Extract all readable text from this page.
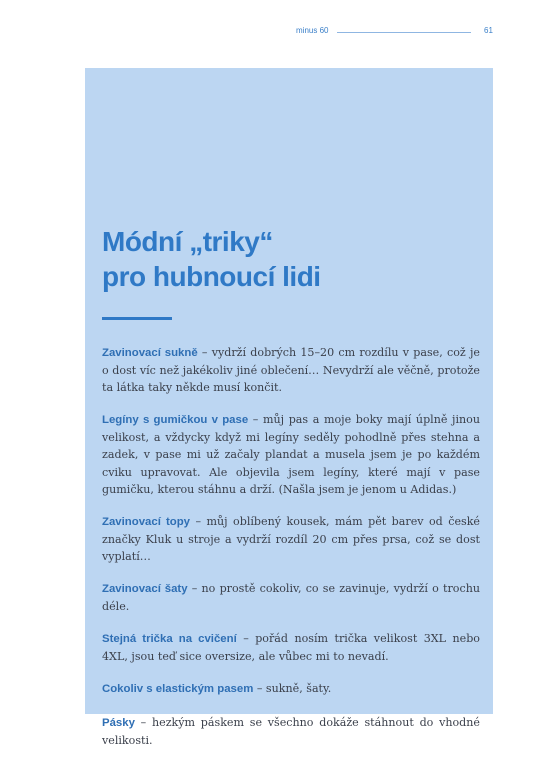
minus 60	61
Módní „triky“
pro hubnoucí lidi

Zavinovací sukně – vydrží dobrých 15–20 cm rozdílu v pase, což je o dost víc než jakékoliv jiné oblečení… Nevydrží ale věčně, protože ta látka taky někde musí končit.

Legíny s gumičkou v pase – můj pas a moje boky mají úplně jinou velikost, a vždycky když mi legíny seděly pohodlně přes stehna a zadek, v pase mi už začaly plandat a musela jsem je po každém cviku upravovat. Ale objevila jsem legíny, které mají v pase gumičku, kterou stáhnu a drží. (Našla jsem je jenom u Adidas.)

Zavinovací topy – můj oblíbený kousek, mám pět barev od české značky Kluk u stroje a vydrží rozdíl 20 cm přes prsa, což se dost vyplatí…

Zavinovací šaty – no prostě cokoliv, co se zavinuje, vydrží o trochu déle.

Stejná trička na cvičení – pořád nosím trička velikost 3XL nebo 4XL, jsou teď sice oversize, ale vůbec mi to nevadí.

Cokoliv s elastickým pasem – sukně, šaty.

Pásky – hezkým páskem se všechno dokáže stáhnout do vhodné velikosti.
